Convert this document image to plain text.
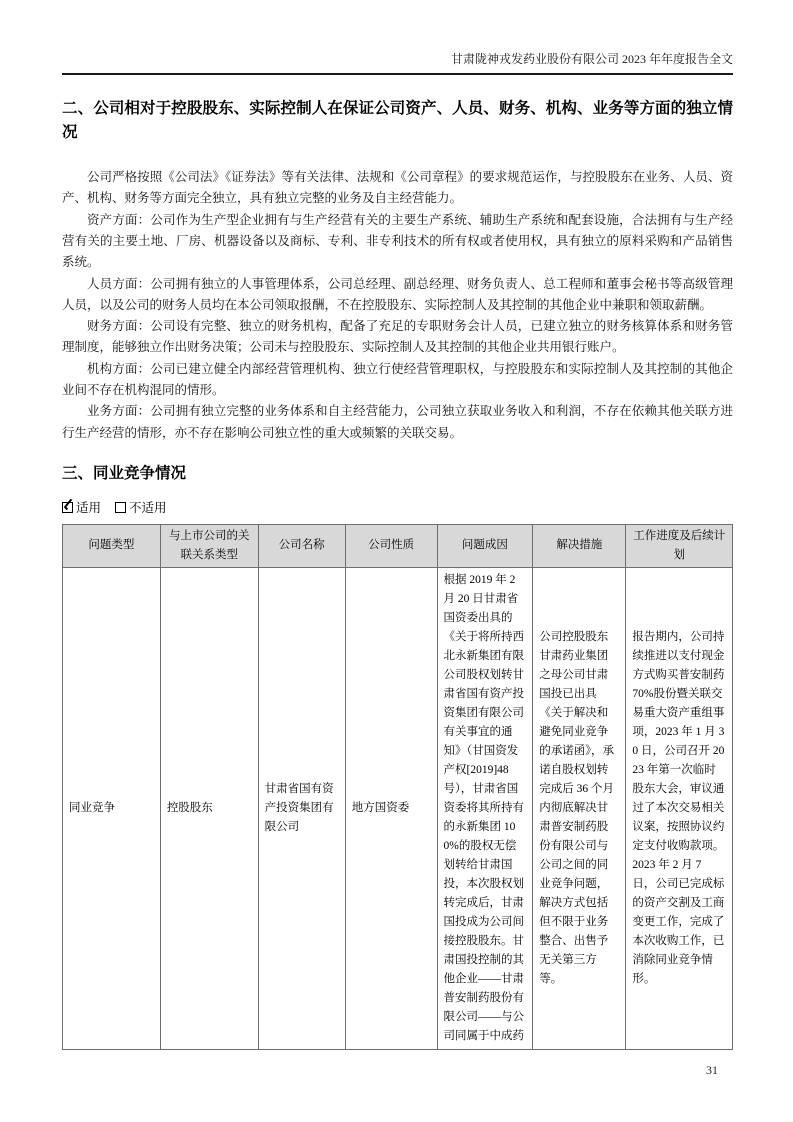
甘肃陇神戎发药业股份有限公司 2023 年年度报告全文
二、公司相对于控股股东、实际控制人在保证公司资产、人员、财务、机构、业务等方面的独立情况

公司严格按照《公司法》《证券法》等有关法律、法规和《公司章程》的要求规范运作，与控股股东在业务、人员、资产、机构、财务等方面完全独立，具有独立完整的业务及自主经营能力。

资产方面：公司作为生产型企业拥有与生产经营有关的主要生产系统、辅助生产系统和配套设施，合法拥有与生产经营有关的主要土地、厂房、机器设备以及商标、专利、非专利技术的所有权或者使用权，具有独立的原料采购和产品销售系统。

人员方面：公司拥有独立的人事管理体系，公司总经理、副总经理、财务负责人、总工程师和董事会秘书等高级管理人员，以及公司的财务人员均在本公司领取报酬，不在控股股东、实际控制人及其控制的其他企业中兼职和领取薪酬。

财务方面：公司设有完整、独立的财务机构，配备了充足的专职财务会计人员，已建立独立的财务核算体系和财务管理制度，能够独立作出财务决策；公司未与控股股东、实际控制人及其控制的其他企业共用银行账户。

机构方面：公司已建立健全内部经营管理机构、独立行使经营管理职权，与控股股东和实际控制人及其控制的其他企业间不存在机构混同的情形。

业务方面：公司拥有独立完整的业务体系和自主经营能力，公司独立获取业务收入和利润，不存在依赖其他关联方进行生产经营的情形，亦不存在影响公司独立性的重大或频繁的关联交易。

三、同业竞争情况
适用 不适用
问题类型	与上市公司的关联关系类型	公司名称	公司性质	问题成因	解决措施	工作进度及后续计划
同业竞争	控股股东	甘肃省国有资产投资集团有限公司	地方国资委	根据 2019 年 2 月 20 日甘肃省国资委出具的《关于将所持西北永新集团有限公司股权划转甘肃省国有资产投资集团有限公司有关事宜的通知》（甘国资发产权[2019]48 号），甘肃省国资委将其所持有的永新集团 100%的股权无偿划转给甘肃国投，本次股权划转完成后，甘肃国投成为公司间接控股股东。甘肃国投控制的其他企业——甘肃普安制药股份有限公司——与公司同属于中成药	公司控股股东甘肃药业集团之母公司甘肃国投已出具《关于解决和避免同业竞争的承诺函》，承诺自股权划转完成后 36 个月内彻底解决甘肃普安制药股份有限公司与公司之间的同业竞争问题，解决方式包括但不限于业务整合、出售予无关第三方等。	报告期内，公司持续推进以支付现金方式购买普安制药 70%股份暨关联交易重大资产重组事项，2023 年 1 月 30 日，公司召开 2023 年第一次临时股东大会，审议通过了本次交易相关议案，按照协议约定支付收购款项。2023 年 2 月 7 日，公司已完成标的资产交割及工商变更工作，完成了本次收购工作，已消除同业竞争情形。
31
